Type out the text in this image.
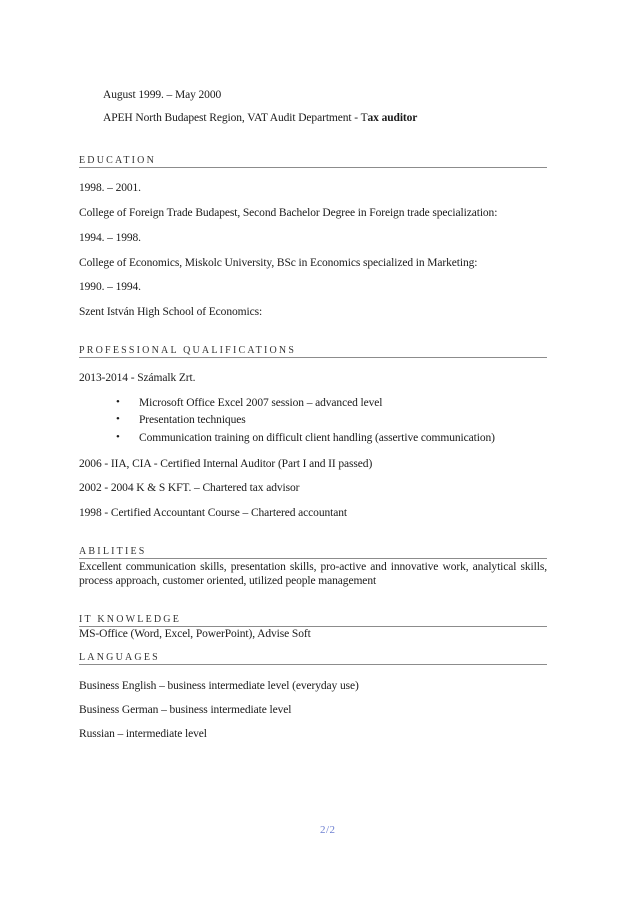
August 1999. – May 2000
APEH North Budapest Region, VAT Audit Department - Tax auditor
EDUCATION
1998. – 2001.
College of Foreign Trade Budapest, Second Bachelor Degree in Foreign trade specialization:
1994. – 1998.
College of Economics, Miskolc University, BSc in Economics specialized in Marketing:
1990. – 1994.
Szent István High School of Economics:
PROFESSIONAL QUALIFICATIONS
2013-2014 - Számalk Zrt.
• Microsoft Office Excel 2007 session – advanced level
• Presentation techniques
• Communication training on difficult client handling (assertive communication)
2006 - IIA, CIA - Certified Internal Auditor (Part I and II passed)
2002 - 2004 K & S KFT. – Chartered tax advisor
1998 - Certified Accountant Course – Chartered accountant
ABILITIES
Excellent communication skills, presentation skills, pro-active and innovative work, analytical skills, process approach, customer oriented, utilized people management
IT KNOWLEDGE
MS-Office (Word, Excel, PowerPoint), Advise Soft
LANGUAGES
Business English – business intermediate level (everyday use)
Business German – business intermediate level
Russian – intermediate level
2/2
